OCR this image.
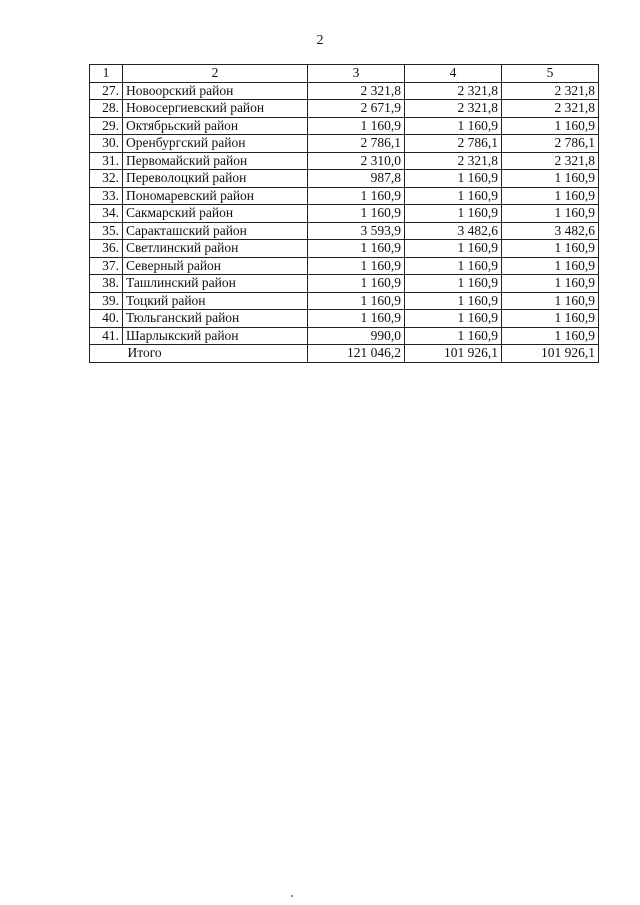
2
1	2	3	4	5
27.	Новоорский район	2 321,8	2 321,8	2 321,8
28.	Новосергиевский район	2 671,9	2 321,8	2 321,8
29.	Октябрьский район	1 160,9	1 160,9	1 160,9
30.	Оренбургский район	2 786,1	2 786,1	2 786,1
31.	Первомайский район	2 310,0	2 321,8	2 321,8
32.	Переволоцкий район	987,8	1 160,9	1 160,9
33.	Пономаревский район	1 160,9	1 160,9	1 160,9
34.	Сакмарский район	1 160,9	1 160,9	1 160,9
35.	Саракташский район	3 593,9	3 482,6	3 482,6
36.	Светлинский район	1 160,9	1 160,9	1 160,9
37.	Северный район	1 160,9	1 160,9	1 160,9
38.	Ташлинский район	1 160,9	1 160,9	1 160,9
39.	Тоцкий район	1 160,9	1 160,9	1 160,9
40.	Тюльганский район	1 160,9	1 160,9	1 160,9
41.	Шарлыкский район	990,0	1 160,9	1 160,9
	Итого	121 046,2	101 926,1	101 926,1
